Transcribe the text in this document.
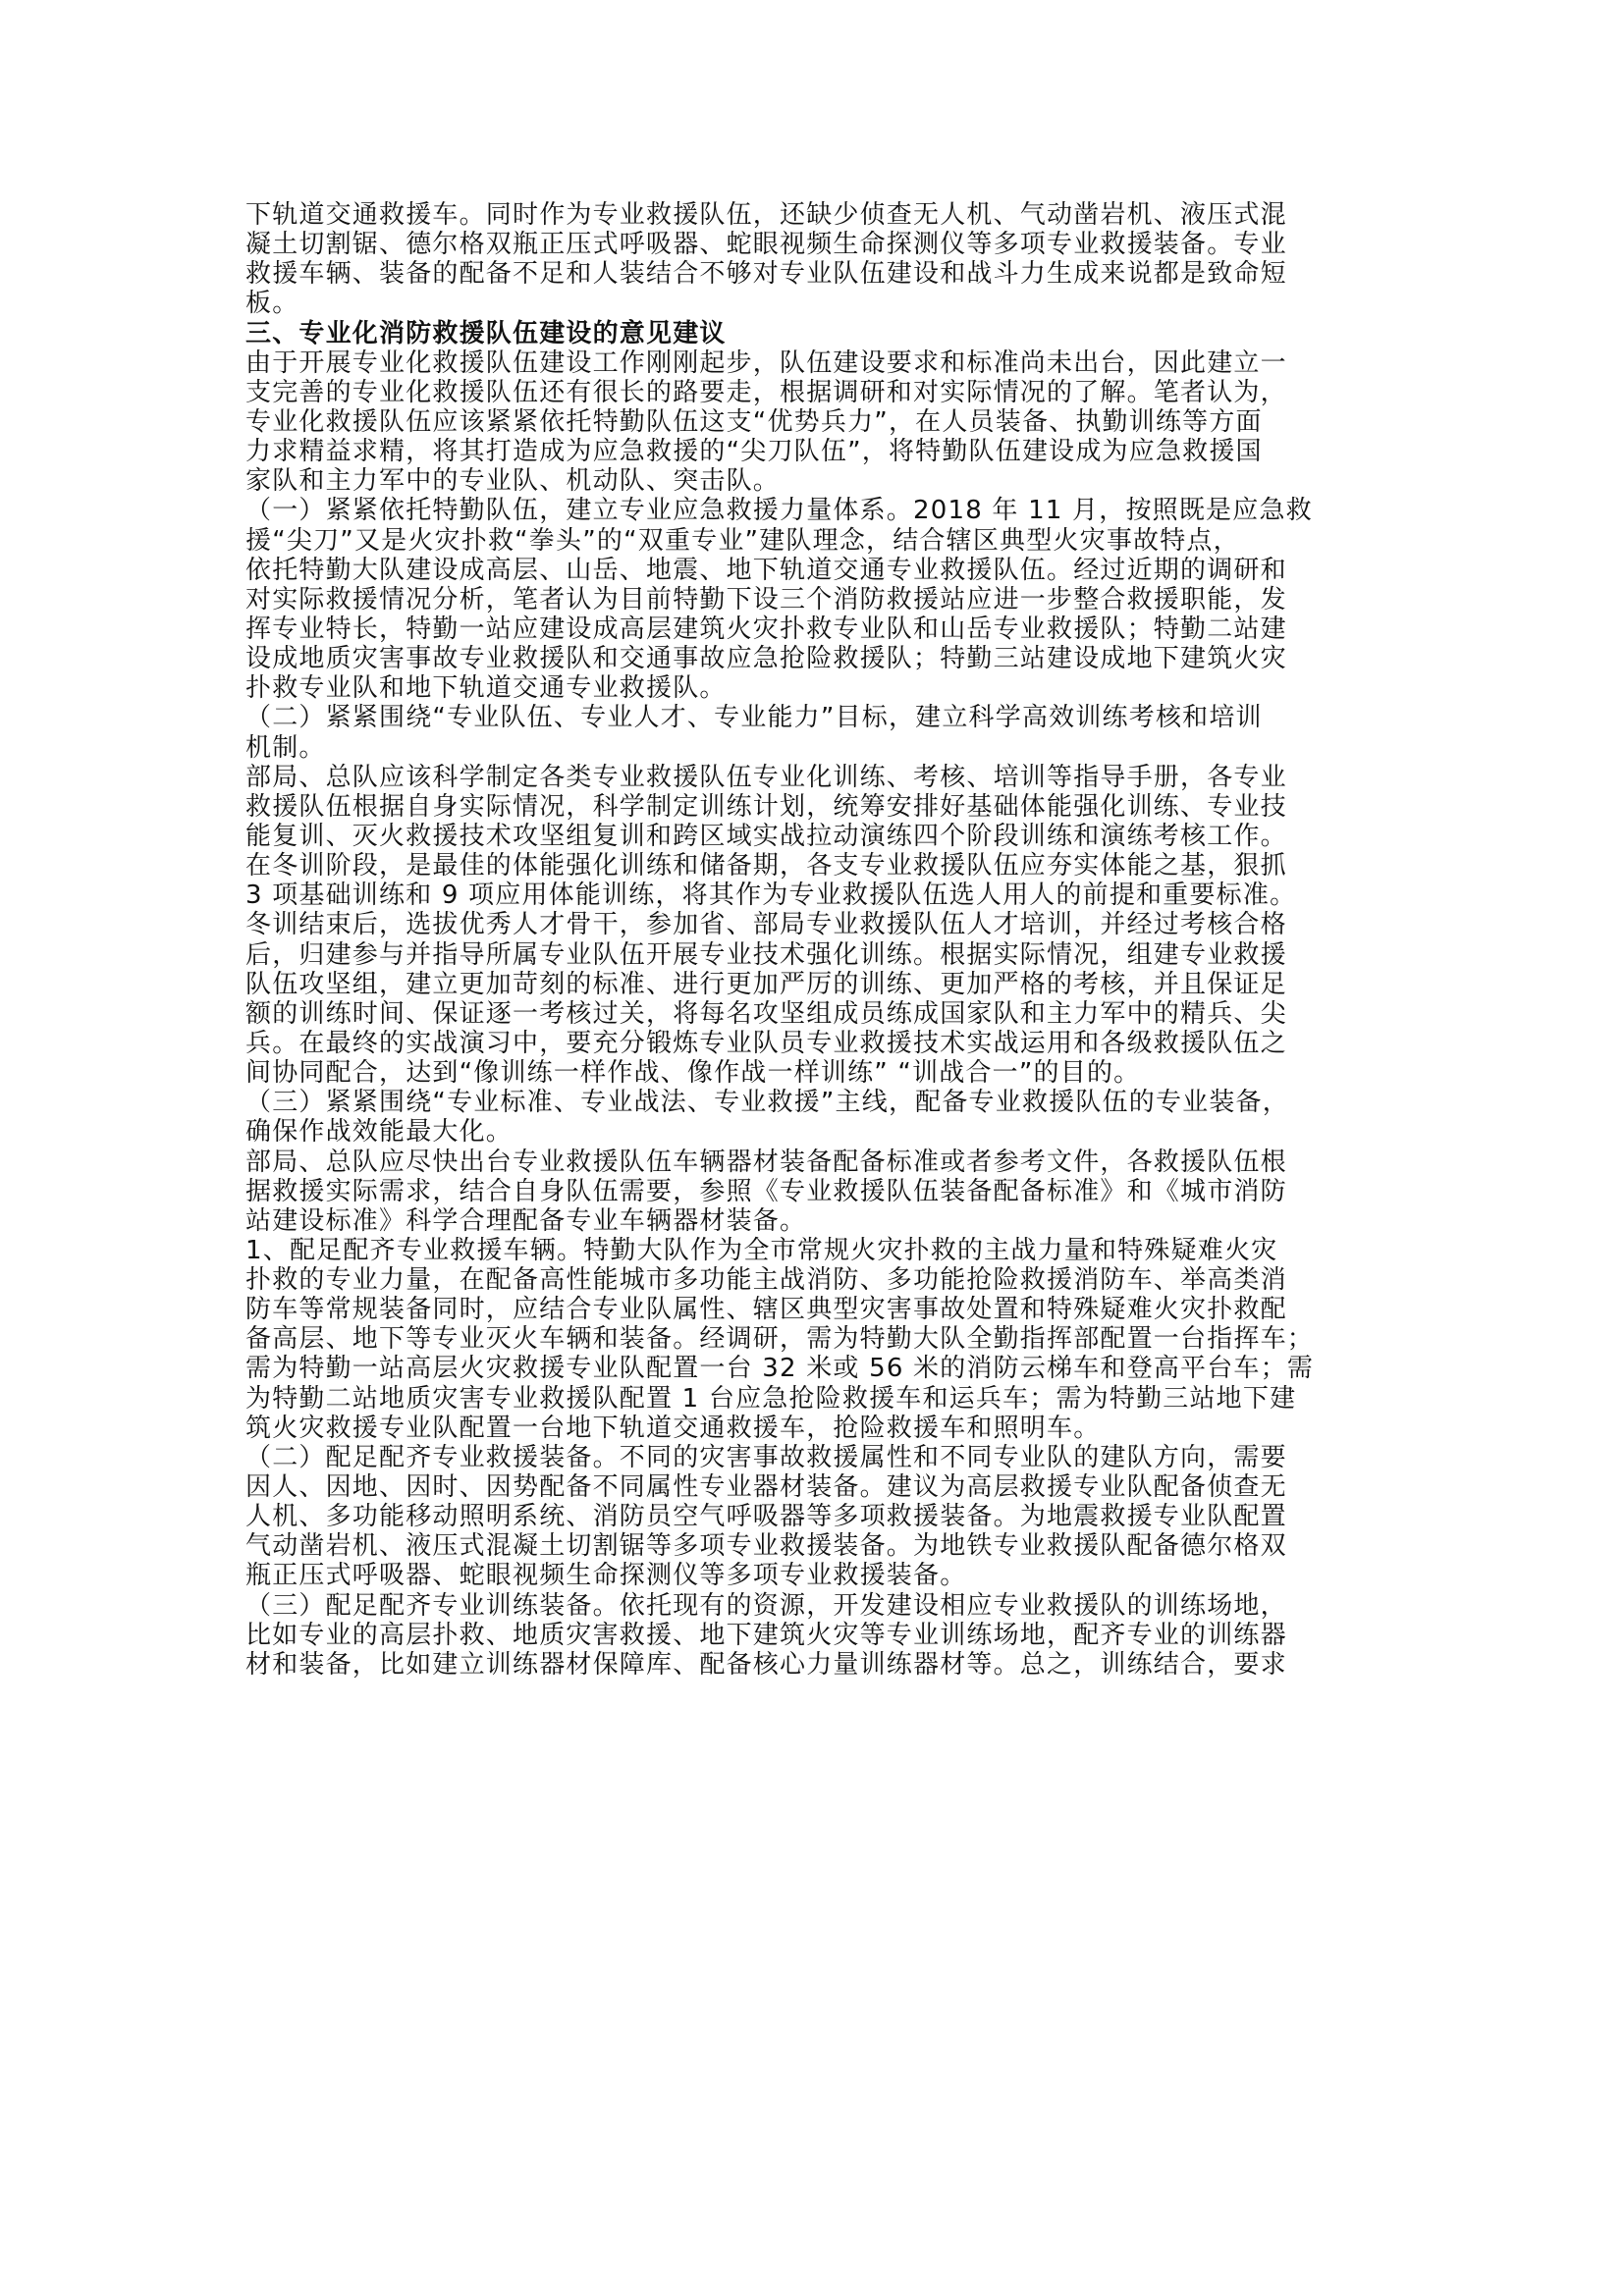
下轨道交通救援车。同时作为专业救援队伍，还缺少侦查无人机、气动凿岩机、液压式混
凝土切割锯、德尔格双瓶正压式呼吸器、蛇眼视频生命探测仪等多项专业救援装备。专业
救援车辆、装备的配备不足和人装结合不够对专业队伍建设和战斗力生成来说都是致命短
板。
三、专业化消防救援队伍建设的意见建议
由于开展专业化救援队伍建设工作刚刚起步，队伍建设要求和标准尚未出台，因此建立一
支完善的专业化救援队伍还有很长的路要走，根据调研和对实际情况的了解。笔者认为，
专业化救援队伍应该紧紧依托特勤队伍这支“优势兵力”，在人员装备、执勤训练等方面
力求精益求精，将其打造成为应急救援的“尖刀队伍”，将特勤队伍建设成为应急救援国
家队和主力军中的专业队、机动队、突击队。
（一）紧紧依托特勤队伍，建立专业应急救援力量体系。2018 年 11 月，按照既是应急救
援“尖刀”又是火灾扑救“拳头”的“双重专业”建队理念，结合辖区典型火灾事故特点，
依托特勤大队建设成高层、山岳、地震、地下轨道交通专业救援队伍。经过近期的调研和
对实际救援情况分析，笔者认为目前特勤下设三个消防救援站应进一步整合救援职能，发
挥专业特长，特勤一站应建设成高层建筑火灾扑救专业队和山岳专业救援队；特勤二站建
设成地质灾害事故专业救援队和交通事故应急抢险救援队；特勤三站建设成地下建筑火灾
扑救专业队和地下轨道交通专业救援队。
（二）紧紧围绕“专业队伍、专业人才、专业能力”目标，建立科学高效训练考核和培训
机制。
部局、总队应该科学制定各类专业救援队伍专业化训练、考核、培训等指导手册，各专业
救援队伍根据自身实际情况，科学制定训练计划，统筹安排好基础体能强化训练、专业技
能复训、灭火救援技术攻坚组复训和跨区域实战拉动演练四个阶段训练和演练考核工作。
在冬训阶段，是最佳的体能强化训练和储备期，各支专业救援队伍应夯实体能之基，狠抓
3 项基础训练和 9 项应用体能训练，将其作为专业救援队伍选人用人的前提和重要标准。
冬训结束后，选拔优秀人才骨干，参加省、部局专业救援队伍人才培训，并经过考核合格
后，归建参与并指导所属专业队伍开展专业技术强化训练。根据实际情况，组建专业救援
队伍攻坚组，建立更加苛刻的标准、进行更加严厉的训练、更加严格的考核，并且保证足
额的训练时间、保证逐一考核过关，将每名攻坚组成员练成国家队和主力军中的精兵、尖
兵。在最终的实战演习中，要充分锻炼专业队员专业救援技术实战运用和各级救援队伍之
间协同配合，达到“像训练一样作战、像作战一样训练” “训战合一”的目的。
（三）紧紧围绕“专业标准、专业战法、专业救援”主线，配备专业救援队伍的专业装备，
确保作战效能最大化。
部局、总队应尽快出台专业救援队伍车辆器材装备配备标准或者参考文件，各救援队伍根
据救援实际需求，结合自身队伍需要，参照《专业救援队伍装备配备标准》和《城市消防
站建设标准》科学合理配备专业车辆器材装备。
1、配足配齐专业救援车辆。特勤大队作为全市常规火灾扑救的主战力量和特殊疑难火灾
扑救的专业力量，在配备高性能城市多功能主战消防、多功能抢险救援消防车、举高类消
防车等常规装备同时，应结合专业队属性、辖区典型灾害事故处置和特殊疑难火灾扑救配
备高层、地下等专业灭火车辆和装备。经调研，需为特勤大队全勤指挥部配置一台指挥车；
需为特勤一站高层火灾救援专业队配置一台 32 米或 56 米的消防云梯车和登高平台车；需
为特勤二站地质灾害专业救援队配置 1 台应急抢险救援车和运兵车；需为特勤三站地下建
筑火灾救援专业队配置一台地下轨道交通救援车，抢险救援车和照明车。
（二）配足配齐专业救援装备。不同的灾害事故救援属性和不同专业队的建队方向，需要
因人、因地、因时、因势配备不同属性专业器材装备。建议为高层救援专业队配备侦查无
人机、多功能移动照明系统、消防员空气呼吸器等多项救援装备。为地震救援专业队配置
气动凿岩机、液压式混凝土切割锯等多项专业救援装备。为地铁专业救援队配备德尔格双
瓶正压式呼吸器、蛇眼视频生命探测仪等多项专业救援装备。
（三）配足配齐专业训练装备。依托现有的资源，开发建设相应专业救援队的训练场地，
比如专业的高层扑救、地质灾害救援、地下建筑火灾等专业训练场地，配齐专业的训练器
材和装备，比如建立训练器材保障库、配备核心力量训练器材等。总之，训练结合，要求
